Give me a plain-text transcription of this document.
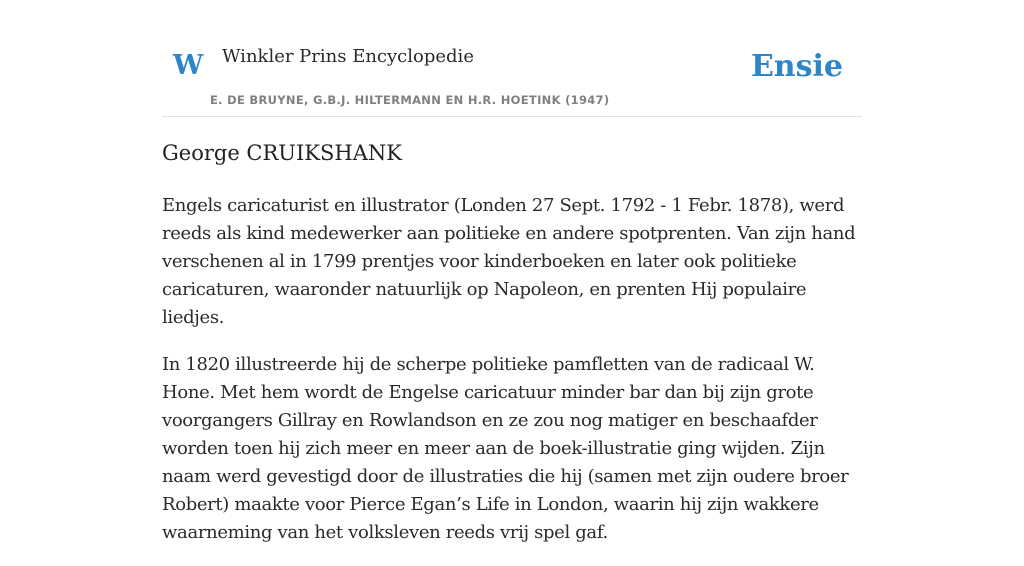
W Winkler Prins Encyclopedie	Ensie
E. DE BRUYNE, G.B.J. HILTERMANN EN H.R. HOETINK (1947)
George CRUIKSHANK

Engels caricaturist en illustrator (Londen 27 Sept. 1792 - 1 Febr. 1878), werd reeds als kind medewerker aan politieke en andere spotprenten. Van zijn hand verschenen al in 1799 prentjes voor kinderboeken en later ook politieke caricaturen, waaronder natuurlijk op Napoleon, en prenten Hij populaire liedjes.

In 1820 illustreerde hij de scherpe politieke pamfletten van de radicaal W. Hone. Met hem wordt de Engelse caricatuur minder bar dan bij zijn grote voorgangers Gillray en Rowlandson en ze zou nog matiger en beschaafder worden toen hij zich meer en meer aan de boek-illustratie ging wijden. Zijn naam werd gevestigd door de illustraties die hij (samen met zijn oudere broer Robert) maakte voor Pierce Egan’s Life in London, waarin hij zijn wakkere waarneming van het volksleven reeds vrij spel gaf.
